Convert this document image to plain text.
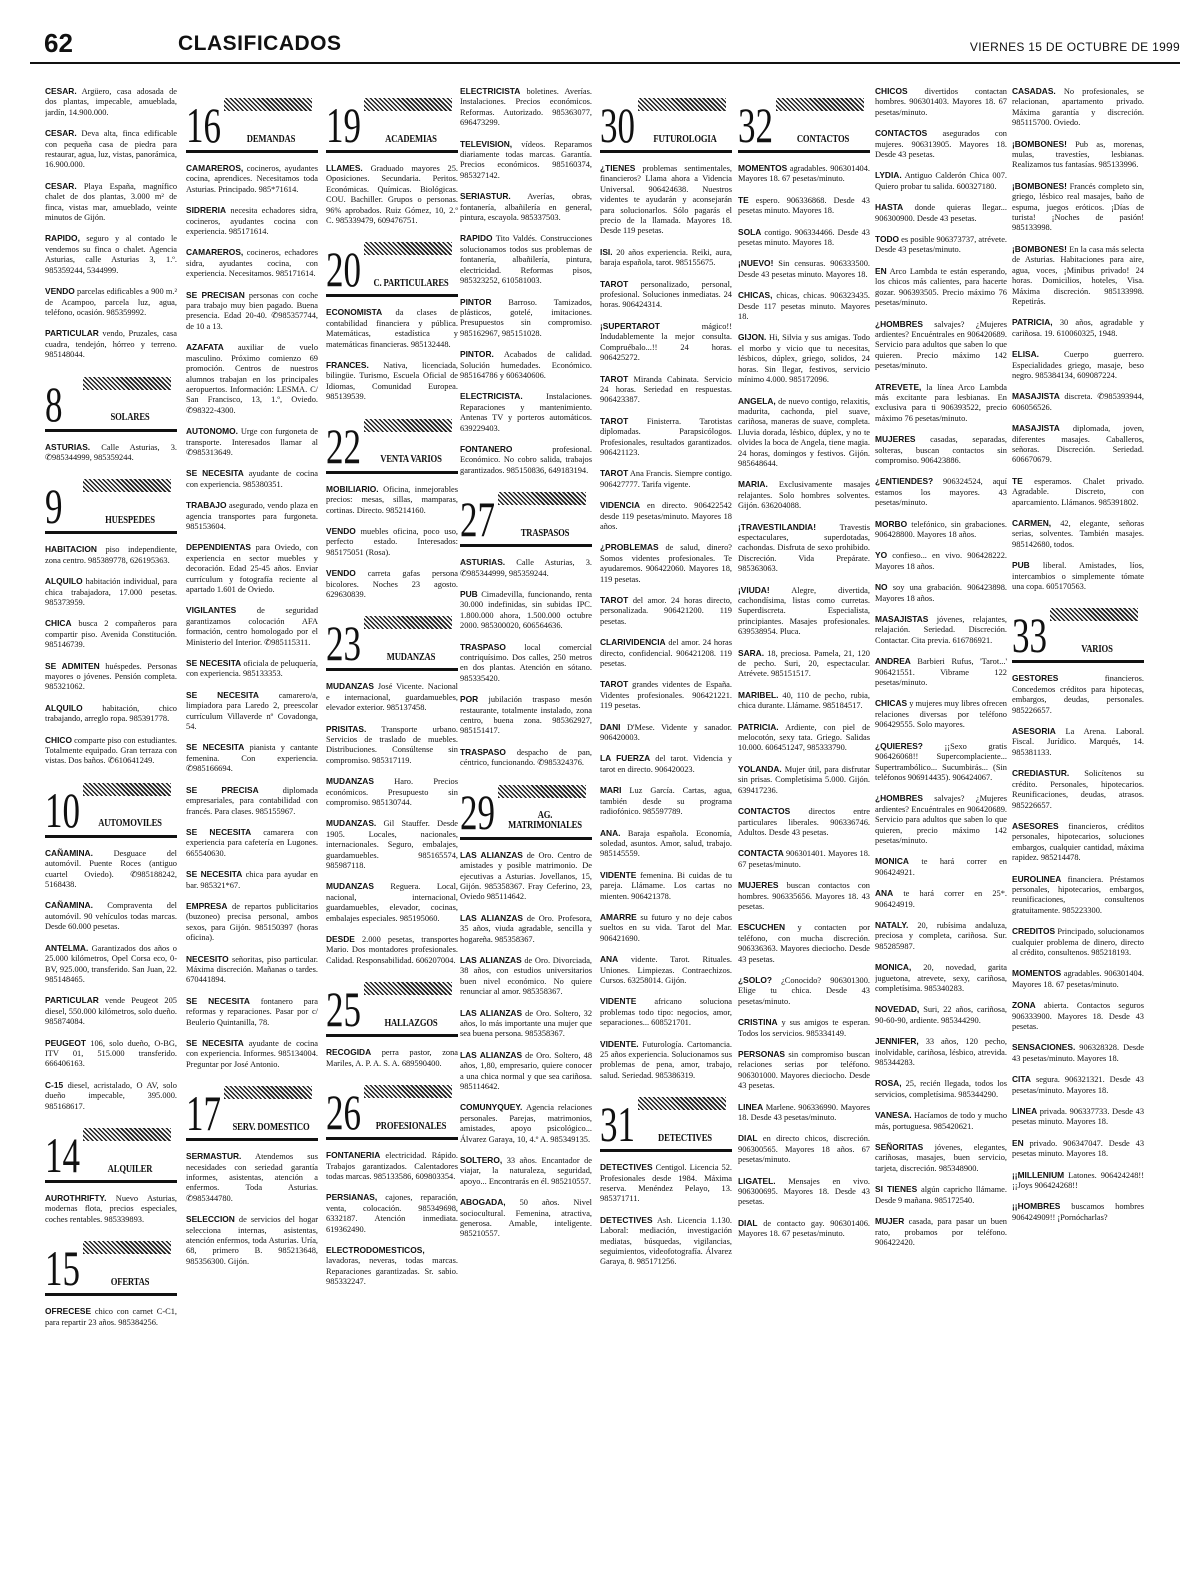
62	CLASIFICADOS	VIERNES 15 DE OCTUBRE DE 1999

CESAR. Argüero, casa adosada de dos plantas, impecable, amueblada, jardín, 14.900.000.

CESAR. Deva alta, finca edificable con pequeña casa de piedra para restaurar, agua, luz, vistas, panorámica, 16.900.000.

CESAR. Playa España, magnífico chalet de dos plantas, 3.000 m² de finca, vistas mar, amueblado, veinte minutos de Gijón.

RAPIDO, seguro y al contado le vendemos su finca o chalet. Agencia Asturias, calle Asturias 3, 1.º. 985359244, 5344999.

VENDO parcelas edificables a 900 m.² de Acampoo, parcela luz, agua, teléfono, ocasión. 985359992.

PARTICULAR vendo, Pruzales, casa cuadra, tendejón, hórreo y terreno. 985148044.

8	SOLARES

ASTURIAS. Calle Asturias, 3. ✆985344999, 985359244.

9	HUESPEDES

HABITACION piso independiente, zona centro. 985389778, 626195363.

ALQUILO habitación individual, para chica trabajadora, 17.000 pesetas. 985373959.

CHICA busca 2 compañeros para compartir piso. Avenida Constitución. 985146739.

SE ADMITEN huéspedes. Personas mayores o jóvenes. Pensión completa. 985321062.

ALQUILO habitación, chico trabajando, arreglo ropa. 985391778.

CHICO comparte piso con estudiantes. Totalmente equipado. Gran terraza con vistas. Dos baños. ✆610641249.

10	AUTOMOVILES

CAÑAMINA. Desguace del automóvil. Puente Roces (antiguo cuartel Oviedo). ✆985188242, 5168438.

CAÑAMINA. Compraventa del automóvil. 90 vehículos todas marcas. Desde 60.000 pesetas.

ANTELMA. Garantizados dos años o 25.000 kilómetros, Opel Corsa eco, 0-BV, 925.000, transferido. San Juan, 22. 985148465.

PARTICULAR vende Peugeot 205 diesel, 550.000 kilómetros, solo dueño. 985874084.

PEUGEOT 106, solo dueño, O-BG, ITV 01, 515.000 transferido. 666406163.

C-15 diesel, acristalado, O AV, solo dueño impecable, 395.000. 985168617.

14	ALQUILER

AUROTHRIFTY. Nuevo Asturias, modernas flota, precios especiales, coches rentables. 985339893.

15	OFERTAS

OFRECESE chico con carnet C-C1, para repartir 23 años. 985384256.

16	DEMANDAS

CAMAREROS, cocineros, ayudantes cocina, aprendices. Necesitamos toda Asturias. Principado. 985*71614.

SIDRERIA necesita echadores sidra, cocineros, ayudantes cocina con experiencia. 985171614.

CAMAREROS, cocineros, echadores sidra, ayudantes cocina, con experiencia. Necesitamos. 985171614.

SE PRECISAN personas con coche para trabajo muy bien pagado. Buena presencia. Edad 20-40. ✆985357744, de 10 a 13.

AZAFATA auxiliar de vuelo masculino. Próximo comienzo 69 promoción. Centros de nuestros alumnos trabajan en los principales aeropuertos. Información: LESMA. C/ San Francisco, 13, 1.º, Oviedo. ✆98322-4300.

AUTONOMO. Urge con furgoneta de transporte. Interesados llamar al ✆985313649.

SE NECESITA ayudante de cocina con experiencia. 985380351.

TRABAJO asegurado, vendo plaza en agencia transportes para furgoneta. 985153604.

DEPENDIENTAS para Oviedo, con experiencia en sector muebles y decoración. Edad 25-45 años. Enviar currículum y fotografía reciente al apartado 1.601 de Oviedo.

VIGILANTES de seguridad garantizamos colocación AFA formación, centro homologado por el Ministerio del Interior. ✆985115311.

SE NECESITA oficiala de peluquería, con experiencia. 985133353.

SE NECESITA camarero/a, limpiadora para Laredo 2, preescolar currículum Villaverde nº Covadonga, 54.

SE NECESITA pianista y cantante femenina. Con experiencia. ✆985166694.

SE PRECISA	diplomada empresariales, para contabilidad con francés. Para clases. 985155967.

SE NECESITA camarera con experiencia para cafetería en Lugones. 665540630.

SE NECESITA chica para ayudar en bar. 985321*67.

EMPRESA de repartos publicitarios (buzoneo) precisa personal, ambos sexos, para Gijón. 985150397 (horas oficina).

NECESITO señoritas, piso particular. Máxima discreción. Mañanas o tardes. 670441894.

SE NECESITA fontanero para reformas y reparaciones. Pasar por c/ Beulerio Quintanilla, 78.

SE NECESITA ayudante de cocina con experiencia. Informes. 985134004. Preguntar por José Antonio.

17 SERV. DOMESTICO

SERMASTUR. Atendemos sus necesidades con seriedad garantía informes, asistentas, atención a enfermos. Toda Asturias. ✆985344780.

SELECCION de servicios del hogar selecciona internas, asistentas, atención enfermos, toda Asturias. Uría, 68, primero B. 985213648, 985356300. Gijón.

19	ACADEMIAS

LLAMES. Graduado mayores 25. Oposiciones. Secundaria. Peritos. Económicas. Químicas. Biológicas. COU. Bachiller. Grupos o personas. 96% aprobados. Ruiz Gómez, 10, 2.º C. 985339479, 609476751.

20 C. PARTICULARES

ECONOMISTA da clases de contabilidad financiera y pública. Matemáticas, estadística y matemáticas financieras. 985132448.

FRANCES. Nativa, licenciada, bilingüe. Turismo, Escuela Oficial de Idiomas, Comunidad Europea. 985139539.

22	VENTA VARIOS

MOBILIARIO. Oficina, inmejorables precios: mesas, sillas, mamparas, cortinas. Directo. 985214160.

VENDO muebles oficina, poco uso, perfecto estado. Interesados: 985175051 (Rosa).

VENDO carreta gafas persona bicolores. Noches 23 agosto. 629630839.

23	MUDANZAS

MUDANZAS José Vicente. Nacional e internacional, guardamuebles, elevador exterior. 985137458.

PRISITAS. Transporte urbano. Servicios de traslado de muebles. Distribuciones. Consúltense sin compromiso. 985317119.

MUDANZAS Haro. Precios económicos. Presupuesto sin compromiso. 985130744.

MUDANZAS. Gil Stauffer. Desde 1905. Locales, nacionales, internacionales. Seguro, embalajes, guardamuebles. 985165574, 985987118.

MUDANZAS Reguera. Local, nacional, internacional, guardamuebles, elevador, cocinas, embalajes especiales. 985195060.

DESDE 2.000 pesetas, transportes Mario. Dos montadores profesionales. Calidad. Responsabilidad. 606207004.

25	HALLAZGOS

RECOGIDA perra pastor, zona Mariles, A. P. A. S. A. 689590400.

26	PROFESIONALES

FONTANERIA electricidad. Rápido. Trabajos garantizados. Calentadores todas marcas. 985133586, 609803354.

PERSIANAS, cajones, reparación, venta, colocación. 985349698, 6332187. Atención inmediata. 619362490.

ELECTRODOMESTICOS, lavadoras, neveras, todas marcas. Reparaciones garantizadas. Sr. sabio. 985332247.

ELECTRICISTA boletines. Averías. Instalaciones. Precios económicos. Reformas. Autorizado. 985363077, 696473299.

TELEVISION, vídeos. Reparamos diariamente todas marcas. Garantía. Precios económicos. 985160374, 985327142.

SERIASTUR. Averías, obras, fontanería, albañilería en general, pintura, escayola. 985337503.

RAPIDO Tito Valdés. Construcciones solucionamos todos sus problemas de fontanería, albañilería, pintura, electricidad. Reformas pisos, 985323252, 610581003.

PINTOR Barroso. Tamizados, plásticos, gotelé, imitaciones. Presupuestos sin compromiso. 985162967, 985151028.

PINTOR. Acabados de calidad. Solución humedades. Económico. 985164786 y 606340606.

ELECTRICISTA.	Instalaciones. Reparaciones y mantenimiento. Antenas TV y porteros automáticos. 639229403.

FONTANERO	profesional. Económico. No cobro salida, trabajos garantizados. 985150836, 649183194.

27	TRASPASOS

ASTURIAS. Calle Asturias, 3. ✆985344999, 985359244.

PUB Cimadevilla, funcionando, renta 30.000 indefinidas, sin subidas IPC. 1.800.000 ahora, 1.500.000 octubre 2000. 985300020, 606564636.

TRASPASO local comercial contriquísimo. Dos calles, 250 metros en dos plantas. Atención en sótano. 985335420.

POR jubilación traspaso mesón restaurante, totalmente instalado, zona centro, buena zona. 985362927, 985151417.

TRASPASO despacho de pan, céntrico, funcionando. ✆985324376.

29	AG. MATRIMONIALES

LAS ALIANZAS de Oro. Centro de amistades y posible matrimonio. De ejecutivas a Asturias. Jovellanos, 15, Gijón. 985358367. Fray Ceferino, 23, Oviedo 985114642.

LAS ALIANZAS de Oro. Profesora, 35 años, viuda agradable, sencilla y hogareña. 985358367.

LAS ALIANZAS de Oro. Divorciada, 38 años, con estudios universitarios buen nivel económico. No quiere renunciar al amor. 985358367.

LAS ALIANZAS de Oro. Soltero, 32 años, lo más importante una mujer que sea buena persona. 985358367.

LAS ALIANZAS de Oro. Soltero, 48 años, 1,80, empresario, quiere conocer a una chica normal y que sea cariñosa. 985114642.

COMUNYQUEY. Agencia relaciones personales. Parejas, matrimonios, amistades, apoyo psicológico... Álvarez Garaya, 10, 4.º A. 985349135.

SOLTERO, 33 años. Encantador de viajar, la naturaleza, seguridad, apoyo... Encontrarás en él. 985210557.

ABOGADA, 50 años. Nivel sociocultural. Femenina, atractiva, generosa. Amable, inteligente. 985210557.

30	FUTUROLOGIA

¿TIENES problemas sentimentales, financieros? Llama ahora a Videncia Universal. 906424638. Nuestros videntes te ayudarán y aconsejarán para solucionarlos. Sólo pagarás el precio de la llamada. Mayores 18. Desde 119 pesetas.

ISI. 20 años experiencia. Reiki, aura, baraja española, tarot. 985155675.

TAROT personalizado, personal, profesional. Soluciones inmediatas. 24 horas. 906424314.

¡SUPERTAROT	mágico!! Indudablemente la mejor consulta. Compruébalo...!! 24 horas. 906425272.

TAROT Miranda Cabinata. Servicio 24 horas. Seriedad en respuestas. 906423387.

TAROT Finisterra. Tarotistas diplomadas. Parapsicólogos. Profesionales, resultados garantizados. 906421123.

TAROT Ana Francis. Siempre contigo. 906427777. Tarifa vigente.

VIDENCIA en directo. 906422542 desde 119 pesetas/minuto. Mayores 18 años.

¿PROBLEMAS de salud, dinero? Somos videntes profesionales. Te ayudaremos. 906422060. Mayores 18, 119 pesetas.

TAROT del amor. 24 horas directo, personalizada. 906421200. 119 pesetas.

CLARIVIDENCIA del amor. 24 horas directo, confidencial. 906421208. 119 pesetas.

TAROT grandes videntes de España. Videntes profesionales. 906421221. 119 pesetas.

DANI D'Mese. Vidente y sanador. 906420003.

LA FUERZA del tarot. Videncia y tarot en directo. 906420023.

MARI Luz García. Cartas, agua, también desde su programa radiofónico. 985597789.

ANA. Baraja española. Economía, soledad, asuntos. Amor, salud, trabajo. 985145559.

VIDENTE femenina. Bi cuidas de tu pareja. Llámame. Los cartas no mienten. 906421378.

AMARRE su futuro y no deje cabos sueltos en su vida. Tarot del Mar. 906421690.

ANA vidente. Tarot. Rituales. Uniones. Limpiezas. Contraechizos. Cursos. 63258014. Gijón.

VIDENTE africano soluciona problemas todo tipo: negocios, amor, separaciones... 608521701.

VIDENTE. Futurología. Cartomancia. 25 años experiencia. Solucionamos sus problemas de pena, amor, trabajo, salud. Seriedad. 985386319.

31	DETECTIVES

DETECTIVES Centigol. Licencia 52. Profesionales desde 1984. Máxima reserva. Menéndez Pelayo, 13. 985371711.

DETECTIVES Ash. Licencia 1.130. Laboral: mediación, investigación mediatas, búsquedas, vigilancias, seguimientos, videofotografía. Álvarez Garaya, 8. 985171256.

32	CONTACTOS

MOMENTOS agradables. 906301404. Mayores 18. 67 pesetas/minuto.

TE espero. 906336868. Desde 43 pesetas minuto. Mayores 18.

SOLA contigo. 906334466. Desde 43 pesetas minuto. Mayores 18.

¡NUEVO! Sin censuras. 906333500. Desde 43 pesetas minuto. Mayores 18.

CHICAS, chicas, chicas. 906323435. Desde 117 pesetas minuto. Mayores 18.

GIJON. Hi, Silvia y sus amigas. Todo el morbo y vicio que tu necesitas, lésbicos, dúplex, griego, solidos, 24 horas. Sin llegar, festivos, servicio mínimo 4.000. 985172096.

ANGELA, de nuevo contigo, relaxitis, madurita, cachonda, piel suave, cariñosa, maneras de suave, completa. Lluvia dorada, lésbico, dúplex, y no te olvides la boca de Angela, tiene magia. 24 horas, domingos y festivos. Gijón. 985648644.

MARIA. Exclusivamente masajes relajantes. Solo hombres solventes. Gijón. 636204088.

¡TRAVESTILANDIA!	Travestis espectaculares, superdotadas, cachondas. Disfruta de sexo prohibido. Discreción. Vida Prepárate. 985363063.

¡VIUDA!	Alegre, divertida, cachondísima, listas como curretas. Superdiscreta. Especialista, principiantes. Masajes profesionales. 639538954. Pluca.

SARA. 18, preciosa. Pamela, 21, 120 de pecho. Suri, 20, espectacular. Atrévete. 985151517.

MARIBEL. 40, 110 de pecho, rubia, chica durante. Llámame. 985184517.

PATRICIA. Ardiente, con piel de melocotón, sexy tata. Griego. Salidas 10.000. 606451247, 985333790.

YOLANDA. Mujer útil, para disfrutar sin prisas. Completísima 5.000. Gijón. 639417236.

CONTACTOS directos entre particulares liberales. 906336746. Adultos. Desde 43 pesetas.

CONTACTA 906301401. Mayores 18. 67 pesetas/minuto.

MUJERES buscan contactos con hombres. 906335656. Mayores 18. 43 pesetas.

ESCUCHEN y contacten por teléfono, con mucha discreción. 906336363. Mayores dieciocho. Desde 43 pesetas.

¿SOLO? ¿Conocido? 906301300. Elige tu chica. Desde 43 pesetas/minuto.

CRISTINA y sus amigos te esperan. Todos los servicios. 985334149.

PERSONAS sin compromiso buscan relaciones serias por teléfono. 906301000. Mayores dieciocho. Desde 43 pesetas.

LINEA Marlene. 906336990. Mayores 18. Desde 43 pesetas/minuto.

DIAL en directo chicos, discreción. 906300565. Mayores 18 años. 67 pesetas/minuto.

LIGATEL. Mensajes en vivo. 906300695. Mayores 18. Desde 43 pesetas.

DIAL de contacto gay. 906301406. Mayores 18. 67 pesetas/minuto.

CHICOS divertidos contactan hombres. 906301403. Mayores 18. 67 pesetas/minuto.

CONTACTOS asegurados con mujeres. 906313905. Mayores 18. Desde 43 pesetas.

LYDIA. Antiguo Calderón Chica 007. Quiero probar tu salida. 600327180.

HASTA donde quieras llegar... 906300900. Desde 43 pesetas.

TODO es posible 906373737, atrévete. Desde 43 pesetas/minuto.

EN Arco Lambda te están esperando, los chicos más calientes, para hacerte gozar. 906393505. Precio máximo 76 pesetas/minuto.

¿HOMBRES salvajes? ¿Mujeres ardientes? Encuéntrales en 906420689. Servicio para adultos que saben lo que quieren. Precio máximo 142 pesetas/minuto.

ATREVETE, la línea Arco Lambda más excitante para lesbianas. En exclusiva para ti 906393522, precio máximo 76 pesetas/minuto.

MUJERES casadas, separadas, solteras, buscan contactos sin compromiso. 906423886.

¿ENTIENDES? 906324524, aquí estamos los mayores. 43 pesetas/minuto.

MORBO telefónico, sin grabaciones. 906428800. Mayores 18 años.

YO confieso... en vivo. 906428222. Mayores 18 años.

NO soy una grabación. 906423898. Mayores 18 años.

MASAJISTAS jóvenes, relajantes, relajación. Seriedad. Discreción. Contactar. Cita previa. 616786921.

ANDREA Barbieri Rufus, 'Tarot...' 906421551. Vibrame 122 pesetas/minuto.

CHICAS y mujeres muy libres ofrecen relaciones diversas por teléfono 906429555. Solo mayores.

¿QUIERES?	¡¡Sexo gratis 906426068!! Supercomplaciente... Supertrambólico... Sucumbirás... (Sin teléfonos 906914435). 906424067.

¿HOMBRES salvajes? ¿Mujeres ardientes? Encuéntrales en 906420689. Servicio para adultos que saben lo que quieren, precio máximo 142 pesetas/minuto.

MONICA te hará correr en 906424921.

ANA te hará correr en 25*. 906424919.

NATALY. 20, rubísima andaluza, preciosa y completa, cariñosa. Sur. 985285987.

MONICA, 20, novedad, garita juguetona, atrevete, sexy, cariñosa, completísima. 985340283.

NOVEDAD, Suri, 22 años, cariñosa, 90-60-90, ardiente. 985344290.

JENNIFER, 33 años, 120 pecho, inolvidable, cariñosa, lésbico, atrevida. 985344283.

ROSA, 25, recién llegada, todos los servicios, completísima. 985344290.

VANESA. Hacíamos de todo y mucho más, portuguesa. 985420621.

SEÑORITAS jóvenes, elegantes, cariñosas, masajes, buen servicio, tarjeta, discreción. 985348900.

SI TIENES algún capricho llámame. Desde 9 mañana. 985172540.

MUJER casada, para pasar un buen rato, probamos por teléfono. 906422420.

CASADAS. No profesionales, se relacionan, apartamento privado. Máxima garantía y discreción. 985115700. Oviedo.

¡BOMBONES! Pub as, morenas, mulas, travestíes, lesbianas. Realizamos tus fantasías. 985133996.

¡BOMBONES! Francés completo sin, griego, lésbico real masajes, baño de espuma, juegos eróticos. ¡Días de turista! ¡Noches de pasión! 985133998.

¡BOMBONES! En la casa más selecta de Asturias. Habitaciones para aire, agua, voces, ¡Minibus privado! 24 horas. Domicilios, hoteles, Visa. Máxima discreción. 985133998. Repetirás.

PATRICIA, 30 años, agradable y cariñosa. 19. 610060325, 1948.

ELISA.	Cuerpo guerrero. Especialidades griego, masaje, beso negro. 985384134, 609087224.

MASAJISTA discreta. ✆985393944, 606056526.

MASAJISTA diplomada, joven, diferentes masajes. Caballeros, señoras. Discreción. Seriedad. 606670679.

TE esperamos. Chalet privado. Agradable. Discreto, con aparcamiento. Llámanos. 985391802.

CARMEN, 42, elegante, señoras serias, solventes. También masajes. 985142680, todos.

PUB liberal. Amistades, líos, intercambios o simplemente tómate una copa. 605170563.

33	VARIOS

GESTORES	financieros. Concedemos créditos para hipotecas, embargos, deudas, personales. 985226657.

ASESORIA La Arena. Laboral. Fiscal. Jurídico. Marqués, 14. 985381133.

CREDIASTUR. Solicítenos su crédito. Personales, hipotecarios. Reunificaciones, deudas, atrasos. 985226657.

ASESORES financieros, créditos personales, hipotecarios, soluciones embargos, cualquier cantidad, máxima rapidez. 985214478.

EUROLINEA financiera. Préstamos personales, hipotecarios, embargos, reunificaciones, consultenos gratuitamente. 985223300.

CREDITOS Principado, solucionamos cualquier problema de dinero, directo al crédito, consultenos. 985218193.

MOMENTOS agradables. 906301404. Mayores 18. 67 pesetas/minuto.

ZONA abierta. Contactos seguros 906333900. Mayores 18. Desde 43 pesetas.

SENSACIONES. 906328328. Desde 43 pesetas/minuto. Mayores 18.

CITA segura. 906321321. Desde 43 pesetas/minuto. Mayores 18.

LINEA privada. 906337733. Desde 43 pesetas minuto. Mayores 18.

EN privado. 906347047. Desde 43 pesetas minuto. Mayores 18.

¡¡MILLENIUM Latones. 906424248!! ¡¡Joys 906424268!!

¡¡HOMBRES buscamos hombres 906424909!! ¡Pornócharlas?
